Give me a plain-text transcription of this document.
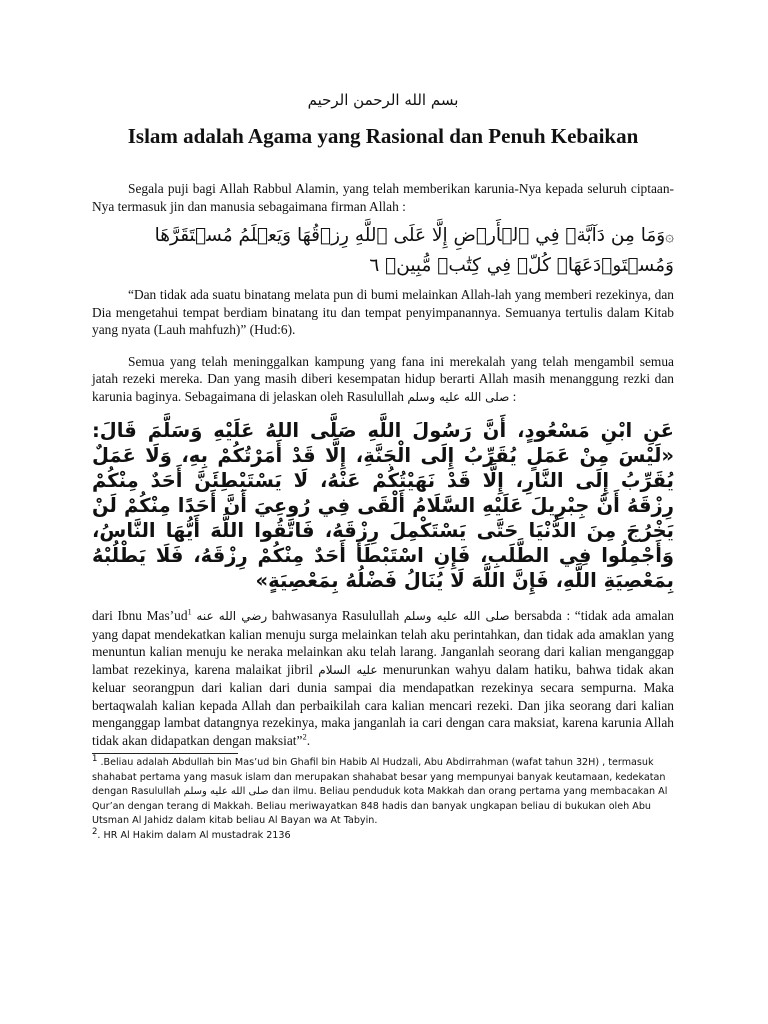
بسم الله الرحمن الرحيم

Islam adalah Agama yang Rasional dan Penuh Kebaikan

Segala puji bagi Allah Rabbul Alamin, yang telah memberikan karunia-Nya kepada seluruh ciptaan-Nya termasuk jin dan manusia sebagaimana firman Allah :

۞وَمَا مِن دَآبَّةٖ فِي ٱلۡأَرۡضِ إِلَّا عَلَى ٱللَّهِ رِزۡقُهَا وَيَعۡلَمُ مُسۡتَقَرَّهَا وَمُسۡتَوۡدَعَهَاۚ كُلّٞ فِي كِتَٰبٖ مُّبِينٖ ٦

“Dan tidak ada suatu binatang melata pun di bumi melainkan Allah-lah yang memberi rezekinya, dan Dia mengetahui tempat berdiam binatang itu dan tempat penyimpanannya. Semuanya tertulis dalam Kitab yang nyata (Lauh mahfuzh)” (Hud:6).

Semua yang telah meninggalkan kampung yang fana ini merekalah yang telah mengambil semua jatah rezeki mereka. Dan yang masih diberi kesempatan hidup berarti Allah masih menanggung rezki dan karunia baginya. Sebagaimana di jelaskan oleh Rasulullah صلى الله عليه وسلم :

عَنِ ابْنِ مَسْعُودٍ، أَنَّ رَسُولَ اللَّهِ صَلَّى اللهُ عَلَيْهِ وَسَلَّمَ قَالَ: «لَيْسَ مِنْ عَمَلٍ يُقَرِّبُ إِلَى الْجَنَّةِ، إِلَّا قَدْ أَمَرْتُكُمْ بِهِ، وَلَا عَمَلٌ يُقَرِّبُ إِلَى النَّارِ، إِلَّا قَدْ نَهَيْتُكُمْ عَنْهُ، لَا يَسْتَبْطِئَنَّ أَحَدٌ مِنْكُمْ رِزْقَهُ أَنَّ جِبْرِيلَ عَلَيْهِ السَّلَامُ أَلْقَى فِي رُوعِيَ أَنَّ أَحَدًا مِنْكُمْ لَنْ يَخْرُجَ مِنَ الدُّنْيَا حَتَّى يَسْتَكْمِلَ رِزْقَهُ، فَاتَّقُوا اللَّهَ أَيُّهَا النَّاسُ، وَأَجْمِلُوا فِي الطَّلَبِ، فَإِنِ اسْتَبْطَأَ أَحَدٌ مِنْكُمْ رِزْقَهُ، فَلَا يَطْلُبْهُ بِمَعْصِيَةِ اللَّهِ، فَإِنَّ اللَّهَ لَا يُنَالُ فَضْلُهُ بِمَعْصِيَةٍ»

dari Ibnu $Mas’ud^1$ رضي الله عنه bahwasanya Rasulullah صلى الله عليه وسلم bersabda : “tidak ada amalan yang dapat mendekatkan kalian menuju surga melainkan telah aku perintahkan, dan tidak ada amaklan yang menuntun kalian menuju ke neraka melainkan aku telah larang. Janganlah seorang dari kalian menganggap lambat rezekinya, karena malaikat jibril عليه السلام menurunkan wahyu dalam hatiku, bahwa tidak akan keluar seorangpun dari kalian dari dunia sampai dia mendapatkan rezekinya secara sempurna. Maka bertaqwalah kalian kepada Allah dan perbaikilah cara kalian mencari rezeki. Dan jika seorang dari kalian menganggap lambat datangnya rezekinya, maka janganlah ia cari dengan cara maksiat, karena karunia Allah tidak akan didapatkan dengan maksiat”$^2$.

$^1$ .Beliau adalah Abdullah bin Mas’ud bin Ghafil bin Habib Al Hudzali, Abu Abdirrahman (wafat tahun 32H) , termasuk shahabat pertama yang masuk islam dan merupakan shahabat besar yang mempunyai banyak keutamaan, kedekatan dengan Rasulullah صلى الله عليه وسلم dan ilmu. Beliau penduduk kota Makkah dan orang pertama yang membacakan Al Qur’an dengan terang di Makkah. Beliau meriwayatkan 848 hadis dan banyak ungkapan beliau di bukukan oleh Abu Utsman Al Jahidz dalam kitab beliau Al Bayan wa At Tabyin.

$^2$. HR Al Hakim dalam Al mustadrak 2136
